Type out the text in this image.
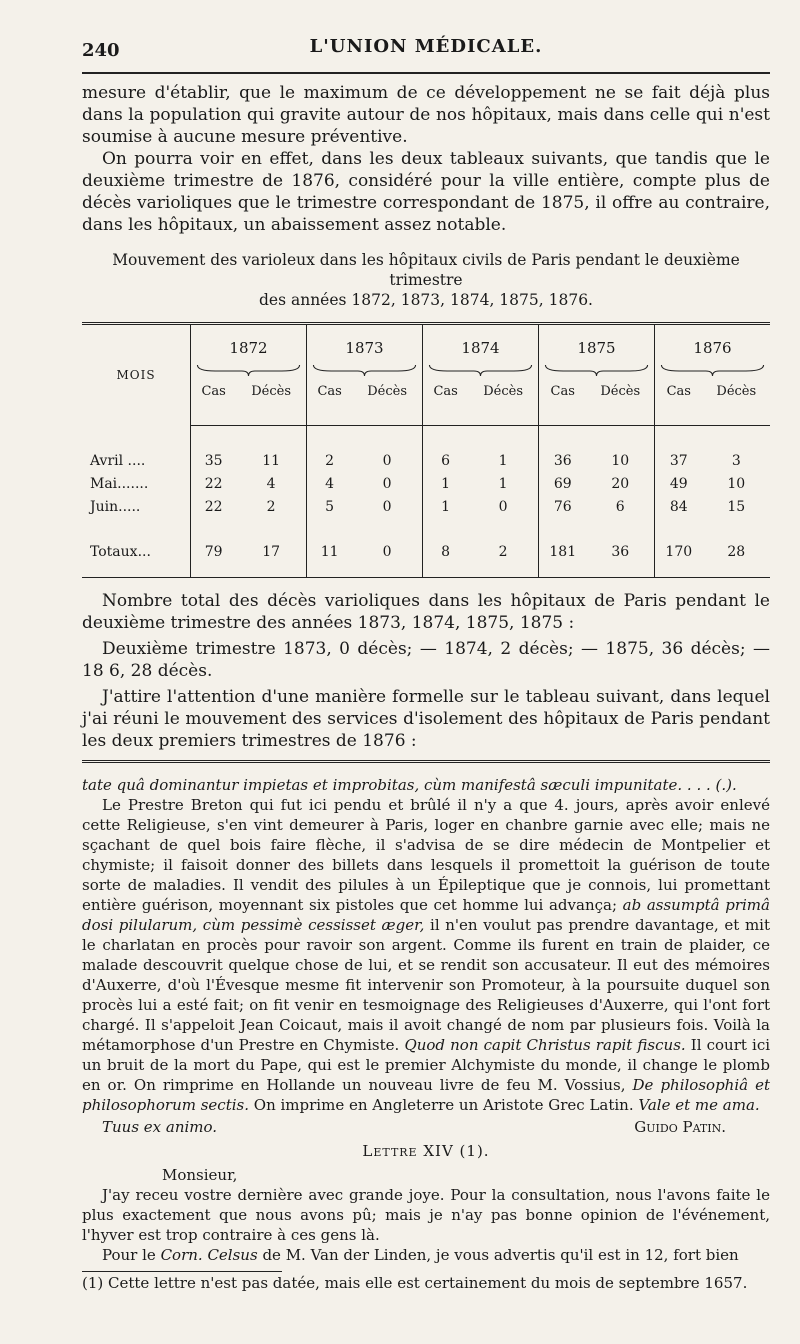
240	L'UNION MÉDICALE.

mesure d'établir, que le maximum de ce développement ne se fait déjà plus dans la population qui gravite autour de nos hôpitaux, mais dans celle qui n'est soumise à aucune mesure préventive.

On pourra voir en effet, dans les deux tableaux suivants, que tandis que le deuxième trimestre de 1876, considéré pour la ville entière, compte plus de décès varioliques que le trimestre correspondant de 1875, il offre au contraire, dans les hôpitaux, un abaissement assez notable.

Mouvement des varioleux dans les hôpitaux civils de Paris pendant le deuxième trimestre
des années 1872, 1873, 1874, 1875, 1876.
MOIS	1872		1873		1874		1875		1876	

	Cas	Décès	Cas	Décès	Cas	Décès	Cas	Décès	Cas	Décès

Avril ....	35	11	2	0	6	1	36	10	37	3
Mai.......	22	4	4	0	1	1	69	20	49	10
Juin.....	22	2	5	0	1	0	76	6	84	15
Totaux...	79	17	11	0	8	2	181	36	170	28

Nombre total des décès varioliques dans les hôpitaux de Paris pendant le deuxième trimestre des années 1873, 1874, 1875, 1875 :

Deuxième trimestre 1873, 0 décès; — 1874, 2 décès; — 1875, 36 décès; — 18 6, 28 décès.

J'attire l'attention d'une manière formelle sur le tableau suivant, dans lequel j'ai réuni le mouvement des services d'isolement des hôpitaux de Paris pendant les deux premiers trimestres de 1876 :

tate quâ dominantur impietas et improbitas, cùm manifestâ sæculi impunitate. . . . (.).

Le Prestre Breton qui fut ici pendu et brûlé il n'y a que 4. jours, après avoir enlevé cette Religieuse, s'en vint demeurer à Paris, loger en chanbre garnie avec elle; mais ne sçachant de quel bois faire flèche, il s'advisa de se dire médecin de Montpelier et chymiste; il faisoit donner des billets dans lesquels il promettoit la guérison de toute sorte de maladies. Il vendit des pilules à un Épileptique que je connois, lui promettant entière guérison, moyennant six pistoles que cet homme lui advança; ab assumptâ primâ dosi pilularum, cùm pessimè cessisset æger, il n'en voulut pas prendre davantage, et mit le charlatan en procès pour ravoir son argent. Comme ils furent en train de plaider, ce malade descouvrit quelque chose de lui, et se rendit son accusateur. Il eut des mémoires d'Auxerre, d'où l'Évesque mesme fit intervenir son Promoteur, à la poursuite duquel son procès lui a esté fait; on fit venir en tesmoignage des Religieuses d'Auxerre, qui l'ont fort chargé. Il s'appeloit Jean Coicaut, mais il avoit changé de nom par plusieurs fois. Voilà la métamorphose d'un Prestre en Chymiste. Quod non capit Christus rapit fiscus. Il court ici un bruit de la mort du Pape, qui est le premier Alchymiste du monde, il change le plomb en or. On rimprime en Hollande un nouveau livre de feu M. Vossius, De philosophiâ et philosophorum sectis. On imprime en Angleterre un Aristote Grec Latin. Vale et me ama.

Tuus ex animo.	Guido Patin.
Lettre XIV (1).
Monsieur,

J'ay receu vostre dernière avec grande joye. Pour la consultation, nous l'avons faite le plus exactement que nous avons pû; mais je n'ay pas bonne opinion de l'événement, l'hyver est trop contraire à ces gens là.

Pour le Corn. Celsus de M. Van der Linden, je vous advertis qu'il est in 12, fort bien

(1) Cette lettre n'est pas datée, mais elle est certainement du mois de septembre 1657.
